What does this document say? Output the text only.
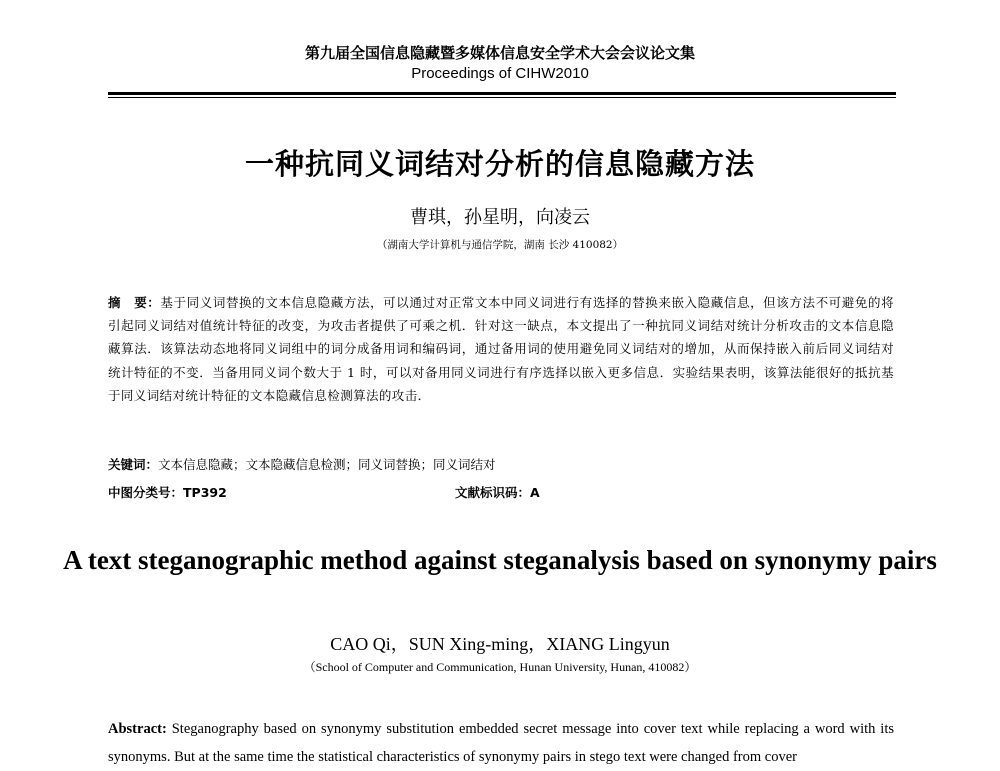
第九届全国信息隐藏暨多媒体信息安全学术大会会议论文集
Proceedings of CIHW2010
一种抗同义词结对分析的信息隐藏方法
曹琪，孙星明，向凌云
（湖南大学计算机与通信学院，湖南 长沙 410082）
摘　要：基于同义词替换的文本信息隐藏方法，可以通过对正常文本中同义词进行有选择的替换来嵌入隐藏信息，但该方法不可避免的将引起同义词结对值统计特征的改变，为攻击者提供了可乘之机．针对这一缺点，本文提出了一种抗同义词结对统计分析攻击的文本信息隐藏算法．该算法动态地将同义词组中的词分成备用词和编码词，通过备用词的使用避免同义词结对的增加，从而保持嵌入前后同义词结对统计特征的不变．当备用同义词个数大于 1 时，可以对备用同义词进行有序选择以嵌入更多信息．实验结果表明，该算法能很好的抵抗基于同义词结对统计特征的文本隐藏信息检测算法的攻击．
关键词：文本信息隐藏；文本隐藏信息检测；同义词替换；同义词结对
中图分类号：TP392	文献标识码：A
A text steganographic method against steganalysis based on synonymy pairs
CAO Qi，SUN Xing-ming，XIANG Lingyun
（School of Computer and Communication, Hunan University, Hunan, 410082）
Abstract: Steganography based on synonymy substitution embedded secret message into cover text while replacing a word with its synonyms. But at the same time the statistical characteristics of synonymy pairs in stego text were changed from cover
